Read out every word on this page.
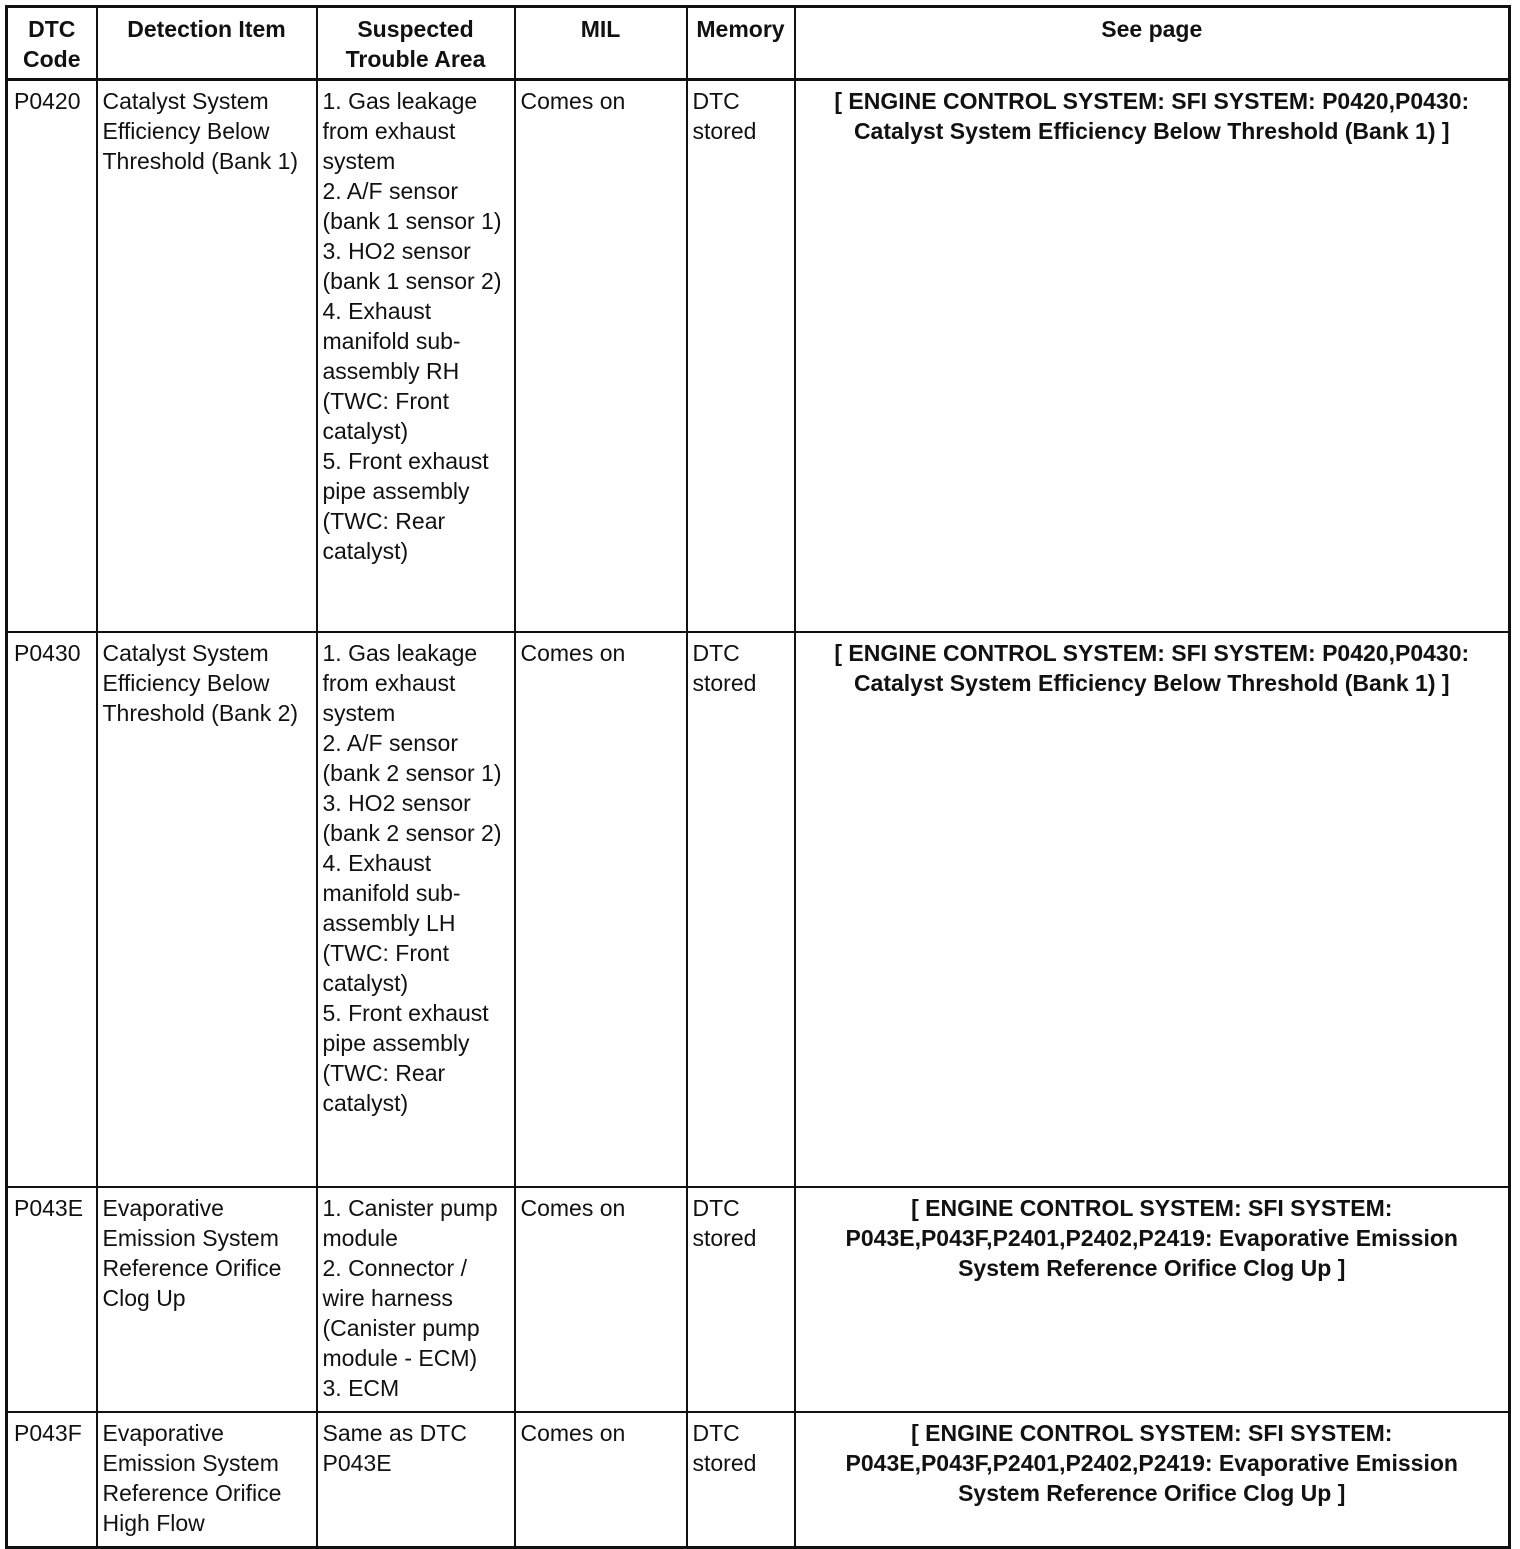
DTC Code	Detection Item	Suspected Trouble Area	MIL	Memory	See page
P0420	Catalyst System Efficiency Below Threshold (Bank 1)	1. Gas leakage from exhaust system
2. A/F sensor (bank 1 sensor 1)
3. HO2 sensor (bank 1 sensor 2)
4. Exhaust manifold sub-assembly RH (TWC: Front catalyst)
5. Front exhaust pipe assembly (TWC: Rear catalyst)	Comes on	DTC stored	[ ENGINE CONTROL SYSTEM: SFI SYSTEM: P0420,P0430: Catalyst System Efficiency Below Threshold (Bank 1) ]
P0430	Catalyst System Efficiency Below Threshold (Bank 2)	1. Gas leakage from exhaust system
2. A/F sensor (bank 2 sensor 1)
3. HO2 sensor (bank 2 sensor 2)
4. Exhaust manifold sub-assembly LH (TWC: Front catalyst)
5. Front exhaust pipe assembly (TWC: Rear catalyst)	Comes on	DTC stored	[ ENGINE CONTROL SYSTEM: SFI SYSTEM: P0420,P0430: Catalyst System Efficiency Below Threshold (Bank 1) ]
P043E	Evaporative Emission System Reference Orifice Clog Up	1. Canister pump module
2. Connector / wire harness (Canister pump module - ECM)
3. ECM	Comes on	DTC stored	[ ENGINE CONTROL SYSTEM: SFI SYSTEM: P043E,P043F,P2401,P2402,P2419: Evaporative Emission System Reference Orifice Clog Up ]
P043F	Evaporative Emission System Reference Orifice High Flow	Same as DTC P043E	Comes on	DTC stored	[ ENGINE CONTROL SYSTEM: SFI SYSTEM: P043E,P043F,P2401,P2402,P2419: Evaporative Emission System Reference Orifice Clog Up ]
